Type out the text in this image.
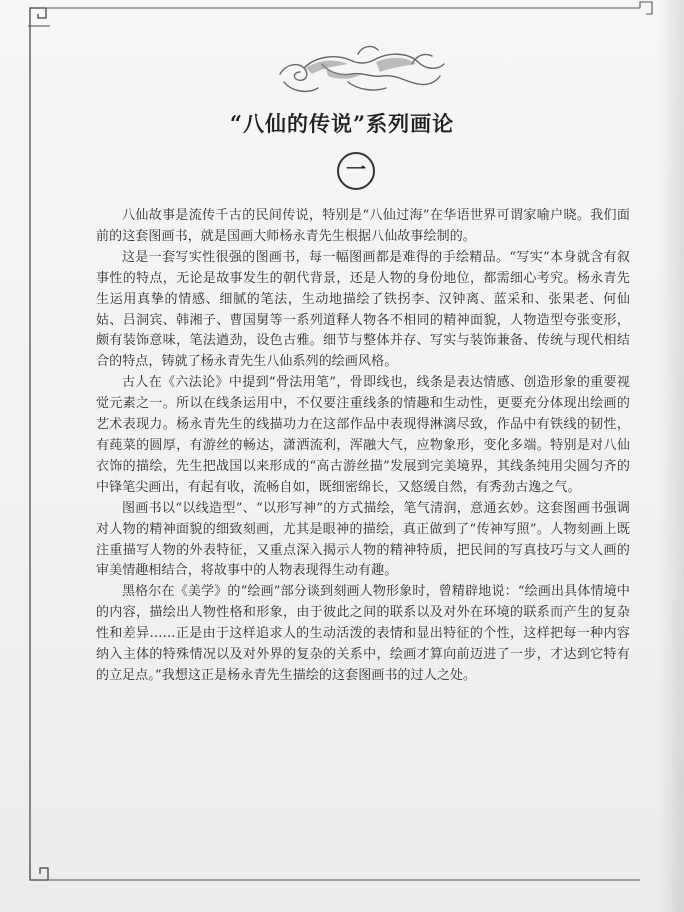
“八仙的传说”系列画论
一

八仙故事是流传千古的民间传说，特别是“八仙过海”在华语世界可谓家喻户晓。我们面前的这套图画书，就是国画大师杨永青先生根据八仙故事绘制的。

这是一套写实性很强的图画书，每一幅图画都是难得的手绘精品。“写实”本身就含有叙事性的特点，无论是故事发生的朝代背景，还是人物的身份地位，都需细心考究。杨永青先生运用真挚的情感、细腻的笔法，生动地描绘了铁拐李、汉钟离、蓝采和、张果老、何仙姑、吕洞宾、韩湘子、曹国舅等一系列道释人物各不相同的精神面貌，人物造型夸张变形，颇有装饰意味，笔法遒劲，设色古雅。细节与整体并存、写实与装饰兼备、传统与现代相结合的特点，铸就了杨永青先生八仙系列的绘画风格。

古人在《六法论》中提到“骨法用笔”，骨即线也，线条是表达情感、创造形象的重要视觉元素之一。所以在线条运用中，不仅要注重线条的情趣和生动性，更要充分体现出绘画的艺术表现力。杨永青先生的线描功力在这部作品中表现得淋漓尽致，作品中有铁线的韧性，有莼菜的圆厚，有游丝的畅达，潇洒流利，浑融大气，应物象形，变化多端。特别是对八仙衣饰的描绘，先生把战国以来形成的“高古游丝描”发展到完美境界，其线条纯用尖圆匀齐的中锋笔尖画出，有起有收，流畅自如，既细密绵长，又悠缓自然，有秀劲古逸之气。

图画书以“以线造型”、“以形写神”的方式描绘，笔气清润，意通玄妙。这套图画书强调对人物的精神面貌的细致刻画，尤其是眼神的描绘，真正做到了“传神写照”。人物刻画上既注重描写人物的外表特征，又重点深入揭示人物的精神特质，把民间的写真技巧与文人画的审美情趣相结合，将故事中的人物表现得生动有趣。

黑格尔在《美学》的“绘画”部分谈到刻画人物形象时，曾精辟地说：“绘画出具体情境中的内容，描绘出人物性格和形象，由于彼此之间的联系以及对外在环境的联系而产生的复杂性和差异……正是由于这样追求人的生动活泼的表情和显出特征的个性，这样把每一种内容纳入主体的特殊情况以及对外界的复杂的关系中，绘画才算向前迈进了一步，才达到它特有的立足点。”我想这正是杨永青先生描绘的这套图画书的过人之处。
